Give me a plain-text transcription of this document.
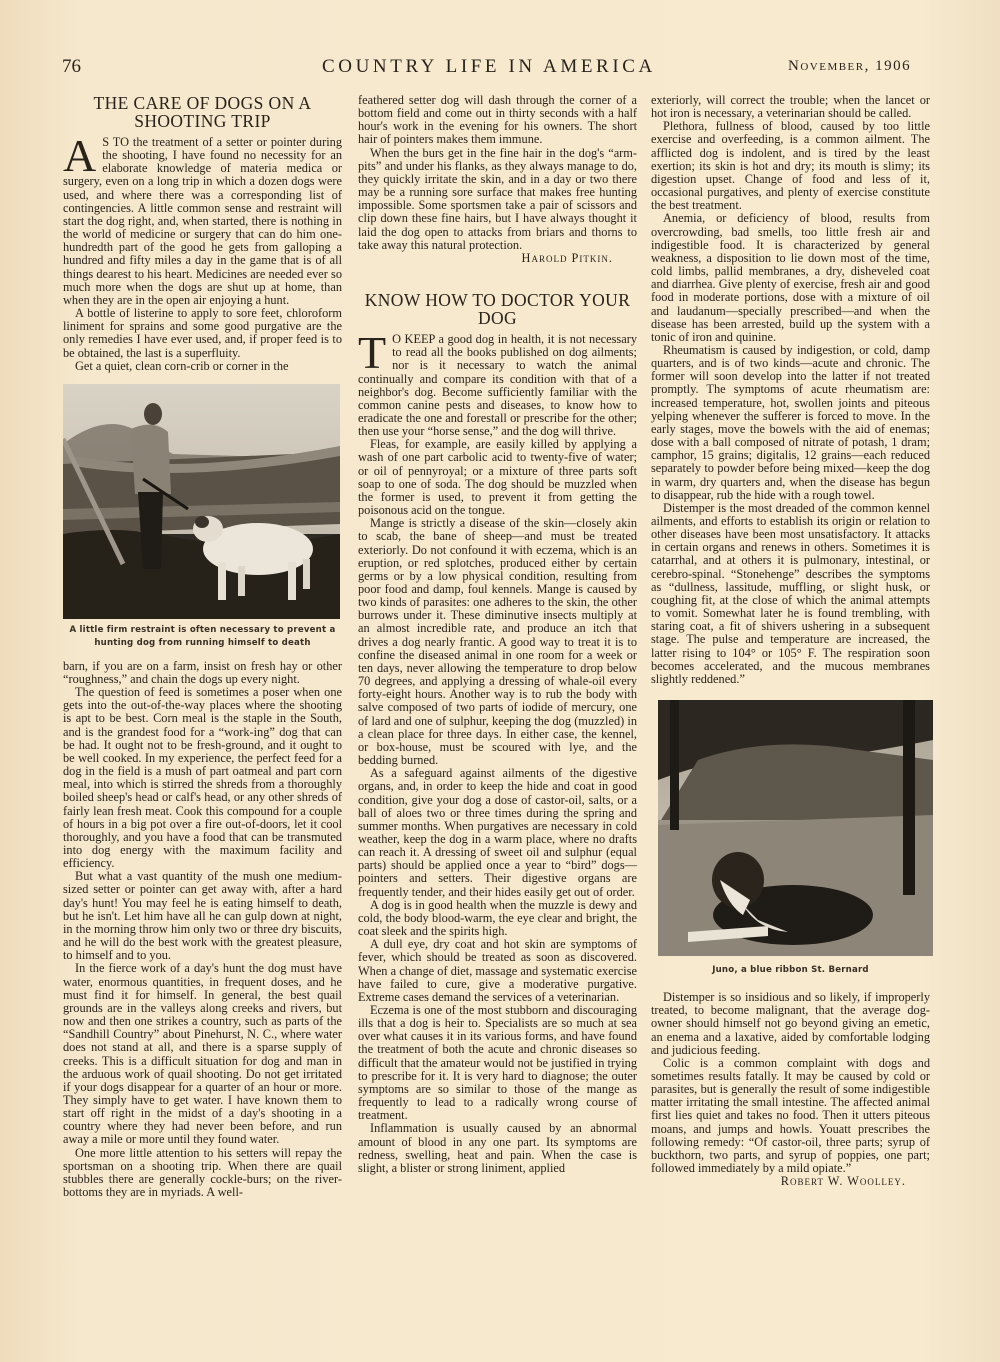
76	COUNTRY LIFE IN AMERICA	November, 1906
THE CARE OF DOGS ON A SHOOTING TRIP

A S TO the treatment of a setter or pointer during the shooting, I have found no necessity for an elaborate knowledge of materia medica or surgery, even on a long trip in which a dozen dogs were used, and where there was a corresponding list of contingencies. A little common sense and restraint will start the dog right, and, when started, there is nothing in the world of medicine or surgery that can do him one-hundredth part of the good he gets from galloping a hundred and fifty miles a day in the game that is of all things dearest to his heart. Medicines are needed ever so much more when the dogs are shut up at home, than when they are in the open air enjoying a hunt.

A bottle of listerine to apply to sore feet, chloroform liniment for sprains and some good purgative are the only remedies I have ever used, and, if proper feed is to be obtained, the last is a superfluity.

Get a quiet, clean corn-crib or corner in the

A little firm restraint is often necessary to prevent a hunting dog from running himself to death

barn, if you are on a farm, insist on fresh hay or other “roughness,” and chain the dogs up every night.

The question of feed is sometimes a poser when one gets into the out-of-the-way places where the shooting is apt to be best. Corn meal is the staple in the South, and is the grandest food for a “work-ing” dog that can be had. It ought not to be fresh-ground, and it ought to be well cooked. In my experience, the perfect feed for a dog in the field is a mush of part oatmeal and part corn meal, into which is stirred the shreds from a thoroughly boiled sheep's head or calf's head, or any other shreds of fairly lean fresh meat. Cook this compound for a couple of hours in a big pot over a fire out-of-doors, let it cool thoroughly, and you have a food that can be transmuted into dog energy with the maximum facility and efficiency.

But what a vast quantity of the mush one medium-sized setter or pointer can get away with, after a hard day's hunt! You may feel he is eating himself to death, but he isn't. Let him have all he can gulp down at night, in the morning throw him only two or three dry biscuits, and he will do the best work with the greatest pleasure, to himself and to you.

In the fierce work of a day's hunt the dog must have water, enormous quantities, in frequent doses, and he must find it for himself. In general, the best quail grounds are in the valleys along creeks and rivers, but now and then one strikes a country, such as parts of the “Sandhill Country” about Pinehurst, N. C., where water does not stand at all, and there is a sparse supply of creeks. This is a difficult situation for dog and man in the arduous work of quail shooting. Do not get irritated if your dogs disappear for a quarter of an hour or more. They simply have to get water. I have known them to start off right in the midst of a day's shooting in a country where they had never been before, and run away a mile or more until they found water.

One more little attention to his setters will repay the sportsman on a shooting trip. When there are quail stubbles there are generally cockle-burs; on the river-bottoms they are in myriads. A well-

feathered setter dog will dash through the corner of a bottom field and come out in thirty seconds with a half hour's work in the evening for his owners. The short hair of pointers makes them immune.

When the burs get in the fine hair in the dog's “arm-pits” and under his flanks, as they always manage to do, they quickly irritate the skin, and in a day or two there may be a running sore surface that makes free hunting impossible. Some sportsmen take a pair of scissors and clip down these fine hairs, but I have always thought it laid the dog open to attacks from briars and thorns to take away this natural protection.

Harold Pitkin.

KNOW HOW TO DOCTOR YOUR DOG

T O KEEP a good dog in health, it is not necessary to read all the books published on dog ailments; nor is it necessary to watch the animal continually and compare its condition with that of a neighbor's dog. Become sufficiently familiar with the common canine pests and diseases, to know how to eradicate the one and forestall or prescribe for the other; then use your “horse sense,” and the dog will thrive.

Fleas, for example, are easily killed by applying a wash of one part carbolic acid to twenty-five of water; or oil of pennyroyal; or a mixture of three parts soft soap to one of soda. The dog should be muzzled when the former is used, to prevent it from getting the poisonous acid on the tongue.

Mange is strictly a disease of the skin—closely akin to scab, the bane of sheep—and must be treated exteriorly. Do not confound it with eczema, which is an eruption, or red splotches, produced either by certain germs or by a low physical condition, resulting from poor food and damp, foul kennels. Mange is caused by two kinds of parasites: one adheres to the skin, the other burrows under it. These diminutive insects multiply at an almost incredible rate, and produce an itch that drives a dog nearly frantic. A good way to treat it is to confine the diseased animal in one room for a week or ten days, never allowing the temperature to drop below 70 degrees, and applying a dressing of whale-oil every forty-eight hours. Another way is to rub the body with salve composed of two parts of iodide of mercury, one of lard and one of sulphur, keeping the dog (muzzled) in a clean place for three days. In either case, the kennel, or box-house, must be scoured with lye, and the bedding burned.

As a safeguard against ailments of the digestive organs, and, in order to keep the hide and coat in good condition, give your dog a dose of castor-oil, salts, or a ball of aloes two or three times during the spring and summer months. When purgatives are necessary in cold weather, keep the dog in a warm place, where no drafts can reach it. A dressing of sweet oil and sulphur (equal parts) should be applied once a year to “bird” dogs—pointers and setters. Their digestive organs are frequently tender, and their hides easily get out of order.

A dog is in good health when the muzzle is dewy and cold, the body blood-warm, the eye clear and bright, the coat sleek and the spirits high.

A dull eye, dry coat and hot skin are symptoms of fever, which should be treated as soon as discovered. When a change of diet, massage and systematic exercise have failed to cure, give a moderative purgative. Extreme cases demand the services of a veterinarian.

Eczema is one of the most stubborn and discouraging ills that a dog is heir to. Specialists are so much at sea over what causes it in its various forms, and have found the treatment of both the acute and chronic diseases so difficult that the amateur would not be justified in trying to prescribe for it. It is very hard to diagnose; the outer symptoms are so similar to those of the mange as frequently to lead to a radically wrong course of treatment.

Inflammation is usually caused by an abnormal amount of blood in any one part. Its symptoms are redness, swelling, heat and pain. When the case is slight, a blister or strong liniment, applied

exteriorly, will correct the trouble; when the lancet or hot iron is necessary, a veterinarian should be called.

Plethora, fullness of blood, caused by too little exercise and overfeeding, is a common ailment. The afflicted dog is indolent, and is tired by the least exertion; its skin is hot and dry; its mouth is slimy; its digestion upset. Change of food and less of it, occasional purgatives, and plenty of exercise constitute the best treatment.

Anemia, or deficiency of blood, results from overcrowding, bad smells, too little fresh air and indigestible food. It is characterized by general weakness, a disposition to lie down most of the time, cold limbs, pallid membranes, a dry, disheveled coat and diarrhea. Give plenty of exercise, fresh air and good food in moderate portions, dose with a mixture of oil and laudanum—specially prescribed—and when the disease has been arrested, build up the system with a tonic of iron and quinine.

Rheumatism is caused by indigestion, or cold, damp quarters, and is of two kinds—acute and chronic. The former will soon develop into the latter if not treated promptly. The symptoms of acute rheumatism are: increased temperature, hot, swollen joints and piteous yelping whenever the sufferer is forced to move. In the early stages, move the bowels with the aid of enemas; dose with a ball composed of nitrate of potash, 1 dram; camphor, 15 grains; digitalis, 12 grains—each reduced separately to powder before being mixed—keep the dog in warm, dry quarters and, when the disease has begun to disappear, rub the hide with a rough towel.

Distemper is the most dreaded of the common kennel ailments, and efforts to establish its origin or relation to other diseases have been most unsatisfactory. It attacks in certain organs and renews in others. Sometimes it is catarrhal, and at others it is pulmonary, intestinal, or cerebro-spinal. “Stonehenge” describes the symptoms as “dullness, lassitude, muffling, or slight husk, or coughing fit, at the close of which the animal attempts to vomit. Somewhat later he is found trembling, with staring coat, a fit of shivers ushering in a subsequent stage. The pulse and temperature are increased, the latter rising to 104° or 105° F. The respiration soon becomes accelerated, and the mucous membranes slightly reddened.”

Juno, a blue ribbon St. Bernard

Distemper is so insidious and so likely, if improperly treated, to become malignant, that the average dog-owner should himself not go beyond giving an emetic, an enema and a laxative, aided by comfortable lodging and judicious feeding.

Colic is a common complaint with dogs and sometimes results fatally. It may be caused by cold or parasites, but is generally the result of some indigestible matter irritating the small intestine. The affected animal first lies quiet and takes no food. Then it utters piteous moans, and jumps and howls. Youatt prescribes the following remedy: “Of castor-oil, three parts; syrup of buckthorn, two parts, and syrup of poppies, one part; followed immediately by a mild opiate.”

Robert W. Woolley.
